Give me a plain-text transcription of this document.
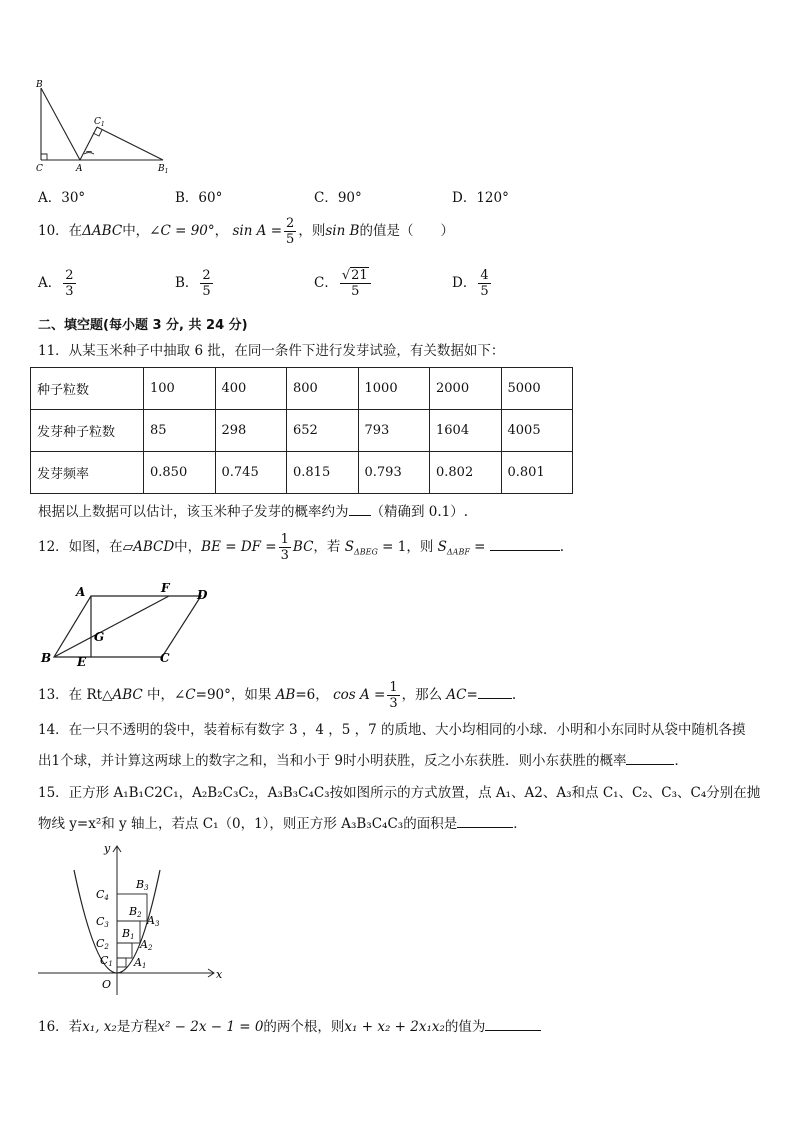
B
C	A
$C_1$
$B_1$
A．30°	B．60°	C．90°	D．120°
10．在ΔABC中，∠C = 90°， $\sin A = \frac{2}{5}$ ，则sin B的值是（　　）
A． $\frac{2}{3}$	B． $\frac{2}{5}$	C． $\frac{√21}{5}$	D． $\frac{4}{5}$
二、填空题(每小题 3 分, 共 24 分)
11．从某玉米种子中抽取 6 批，在同一条件下进行发芽试验，有关数据如下：
种子粒数	100	400	800	1000	2000	5000
发芽种子粒数	85	298	652	793	1604	4005
发芽频率	0.850	0.745	0.815	0.793	0.802	0.801
根据以上数据可以估计，该玉米种子发芽的概率约为 （精确到 0.1）.
12．如图，在▱ABCD中，BE = DF = $\frac{1}{3}$ BC，若 $S_{\Delta BEG} = 1$，则 $S_{\Delta ABF}$ =	.
A	F D
G
B E	C
13．在 Rt△ABC 中，∠C=90°，如果 AB=6， $\cos A = \frac{1}{3}$ ，那么 AC=	.
14．在一只不透明的袋中，装着标有数字 3 ，4 ，5 ，7 的质地、大小均相同的小球．小明和小东同时从袋中随机各摸
出1个球，并计算这两球上的数字之和，当和小于 9时小明获胜，反之小东获胜．则小东获胜的概率	．
15．正方形 A₁B₁C2C₁，A₂B₂C₃C₂，A₃B₃C₄C₃按如图所示的方式放置，点 A₁、A2、A₃和点 C₁、C₂、C₃、C₄分别在抛
物线 y=x²和 y 轴上，若点 C₁（0，1），则正方形 A₃B₃C₄C₃的面积是	．
y
x
O
C4
C3
C2
C1
B3
B2
B1
A3
A2
A1
16．若x₁, x₂是方程x² − 2x − 1 = 0的两个根，则x₁ + x₂ + 2x₁x₂的值为
